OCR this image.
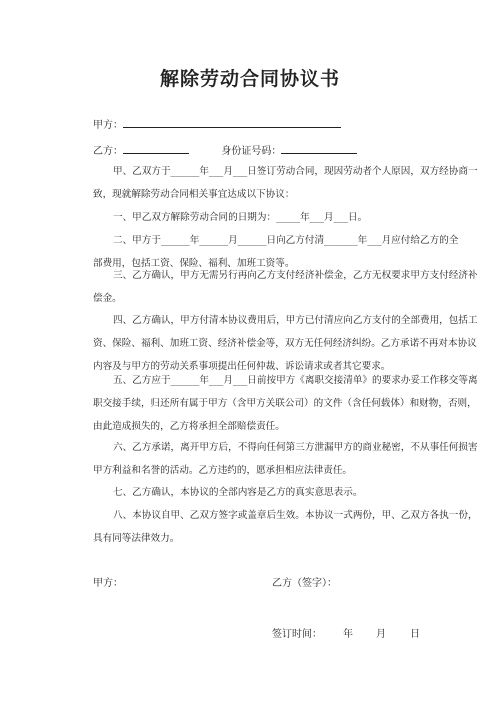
解除劳动合同协议书
甲方：
乙方：	身份证号码：
甲、乙双方于______年___月___日签订劳动合同，现因劳动者个人原因，双方经协商一
致，现就解除劳动合同相关事宜达成以下协议：
一、甲乙双方解除劳动合同的日期为：_____年___月___日。
二、甲方于______年______月______日向乙方付清_______年___月应付给乙方的全
部费用，包括工资、保险、福利、加班工资等。
三、乙方确认，甲方无需另行再向乙方支付经济补偿金，乙方无权要求甲方支付经济补
偿金。
四、乙方确认，甲方付清本协议费用后，甲方已付清应向乙方支付的全部费用，包括工
资、保险、福利、加班工资、经济补偿金等，双方无任何经济纠纷。乙方承诺不再对本协议
内容及与甲方的劳动关系事项提出任何仲裁、诉讼请求或者其它要求。
五、乙方应于______年___月___日前按甲方《离职交接清单》的要求办妥工作移交等离
职交接手续，归还所有属于甲方（含甲方关联公司）的文件（含任何载体）和财物，否则，
由此造成损失的，乙方将承担全部赔偿责任。
六、乙方承诺，离开甲方后，不得向任何第三方泄漏甲方的商业秘密，不从事任何损害
甲方利益和名誉的活动。乙方违约的，愿承担相应法律责任。
七、乙方确认，本协议的全部内容是乙方的真实意思表示。
八、本协议自甲、乙双方签字或盖章后生效。本协议一式两份，甲、乙双方各执一份，
具有同等法律效力。
甲方：	乙方（签字）：
签订时间： 年 月 日
